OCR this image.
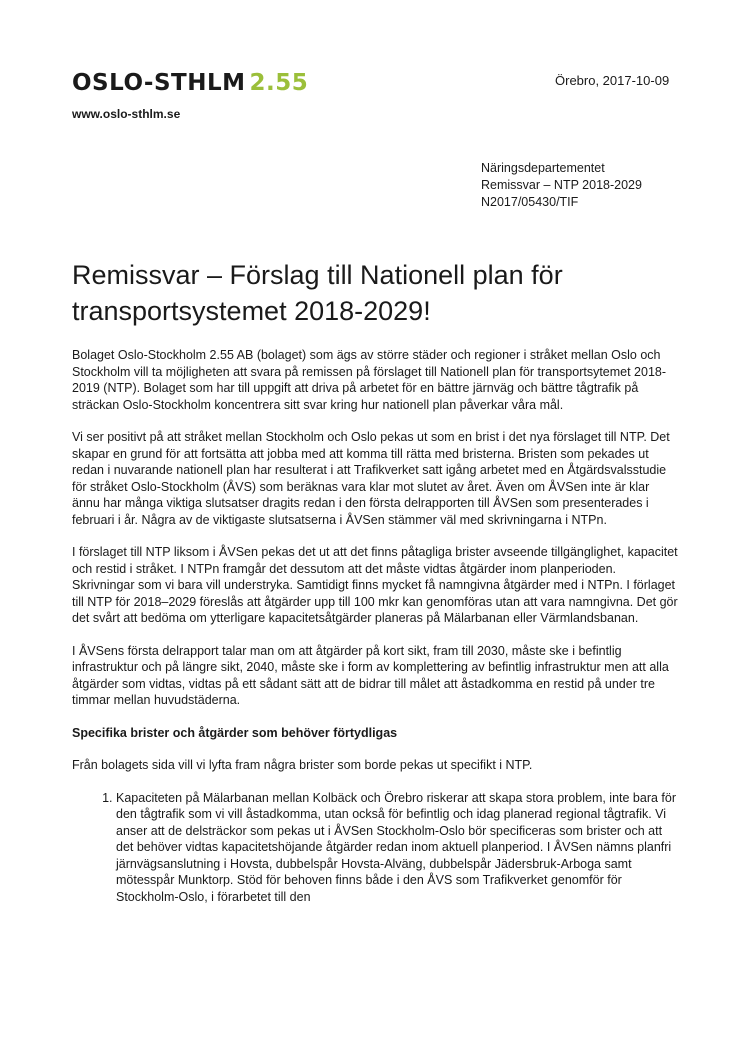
OSLO-STHLM 2.55
www.oslo-sthlm.se
Örebro, 2017-10-09
Näringsdepartementet
Remissvar – NTP 2018-2029
N2017/05430/TIF
Remissvar – Förslag till Nationell plan för transportsystemet 2018-2029!

Bolaget Oslo-Stockholm 2.55 AB (bolaget) som ägs av större städer och regioner i stråket mellan Oslo och Stockholm vill ta möjligheten att svara på remissen på förslaget till Nationell plan för transportsytemet 2018-2019 (NTP). Bolaget som har till uppgift att driva på arbetet för en bättre järnväg och bättre tågtrafik på sträckan Oslo-Stockholm koncentrera sitt svar kring hur nationell plan påverkar våra mål.

Vi ser positivt på att stråket mellan Stockholm och Oslo pekas ut som en brist i det nya förslaget till NTP. Det skapar en grund för att fortsätta att jobba med att komma till rätta med bristerna. Bristen som pekades ut redan i nuvarande nationell plan har resulterat i att Trafikverket satt igång arbetet med en Åtgärdsvalsstudie för stråket Oslo-Stockholm (ÅVS) som beräknas vara klar mot slutet av året. Även om ÅVSen inte är klar ännu har många viktiga slutsatser dragits redan i den första delrapporten till ÅVSen som presenterades i februari i år. Några av de viktigaste slutsatserna i ÅVSen stämmer väl med skrivningarna i NTPn.

I förslaget till NTP liksom i ÅVSen pekas det ut att det finns påtagliga brister avseende tillgänglighet, kapacitet och restid i stråket. I NTPn framgår det dessutom att det måste vidtas åtgärder inom planperioden. Skrivningar som vi bara vill understryka. Samtidigt finns mycket få namngivna åtgärder med i NTPn. I förlaget till NTP för 2018–2029 föreslås att åtgärder upp till 100 mkr kan genomföras utan att vara namngivna. Det gör det svårt att bedöma om ytterligare kapacitetsåtgärder planeras på Mälarbanan eller Värmlandsbanan.

I ÅVSens första delrapport talar man om att åtgärder på kort sikt, fram till 2030, måste ske i befintlig infrastruktur och på längre sikt, 2040, måste ske i form av komplettering av befintlig infrastruktur men att alla åtgärder som vidtas, vidtas på ett sådant sätt att de bidrar till målet att åstadkomma en restid på under tre timmar mellan huvudstäderna.

Specifika brister och åtgärder som behöver förtydligas

Från bolagets sida vill vi lyfta fram några brister som borde pekas ut specifikt i NTP.

1. Kapaciteten på Mälarbanan mellan Kolbäck och Örebro riskerar att skapa stora problem, inte bara för den tågtrafik som vi vill åstadkomma, utan också för befintlig och idag planerad regional tågtrafik. Vi anser att de delsträckor som pekas ut i ÅVSen Stockholm-Oslo bör specificeras som brister och att det behöver vidtas kapacitetshöjande åtgärder redan inom aktuell planperiod. I ÅVSen nämns planfri järnvägsanslutning i Hovsta, dubbelspår Hovsta-Alväng, dubbelspår Jädersbruk-Arboga samt mötesspår Munktorp. Stöd för behoven finns både i den ÅVS som Trafikverket genomför för Stockholm-Oslo, i förarbetet till den
